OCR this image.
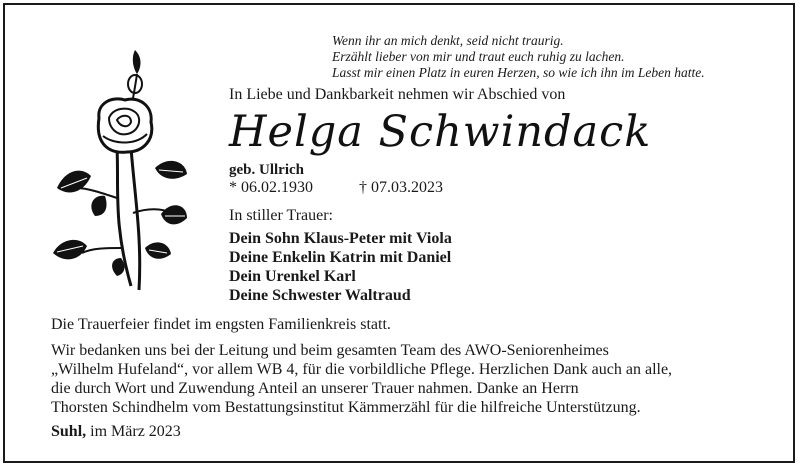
Wenn ihr an mich denkt, seid nicht traurig.
Erzählt lieber von mir und traut euch ruhig zu lachen.
Lasst mir einen Platz in euren Herzen, so wie ich ihn im Leben hatte.
In Liebe und Dankbarkeit nehmen wir Abschied von
Helga Schwindack
geb. Ullrich
* 06.02.1930	† 07.03.2023
In stiller Trauer:
Dein Sohn Klaus-Peter mit Viola
Deine Enkelin Katrin mit Daniel
Dein Urenkel Karl
Deine Schwester Waltraud
Die Trauerfeier findet im engsten Familienkreis statt.
Wir bedanken uns bei der Leitung und beim gesamten Team des AWO-Seniorenheimes
„Wilhelm Hufeland“, vor allem WB 4, für die vorbildliche Pflege. Herzlichen Dank auch an alle,
die durch Wort und Zuwendung Anteil an unserer Trauer nahmen. Danke an Herrn
Thorsten Schindhelm vom Bestattungsinstitut Kämmerzähl für die hilfreiche Unterstützung.
Suhl, im März 2023
